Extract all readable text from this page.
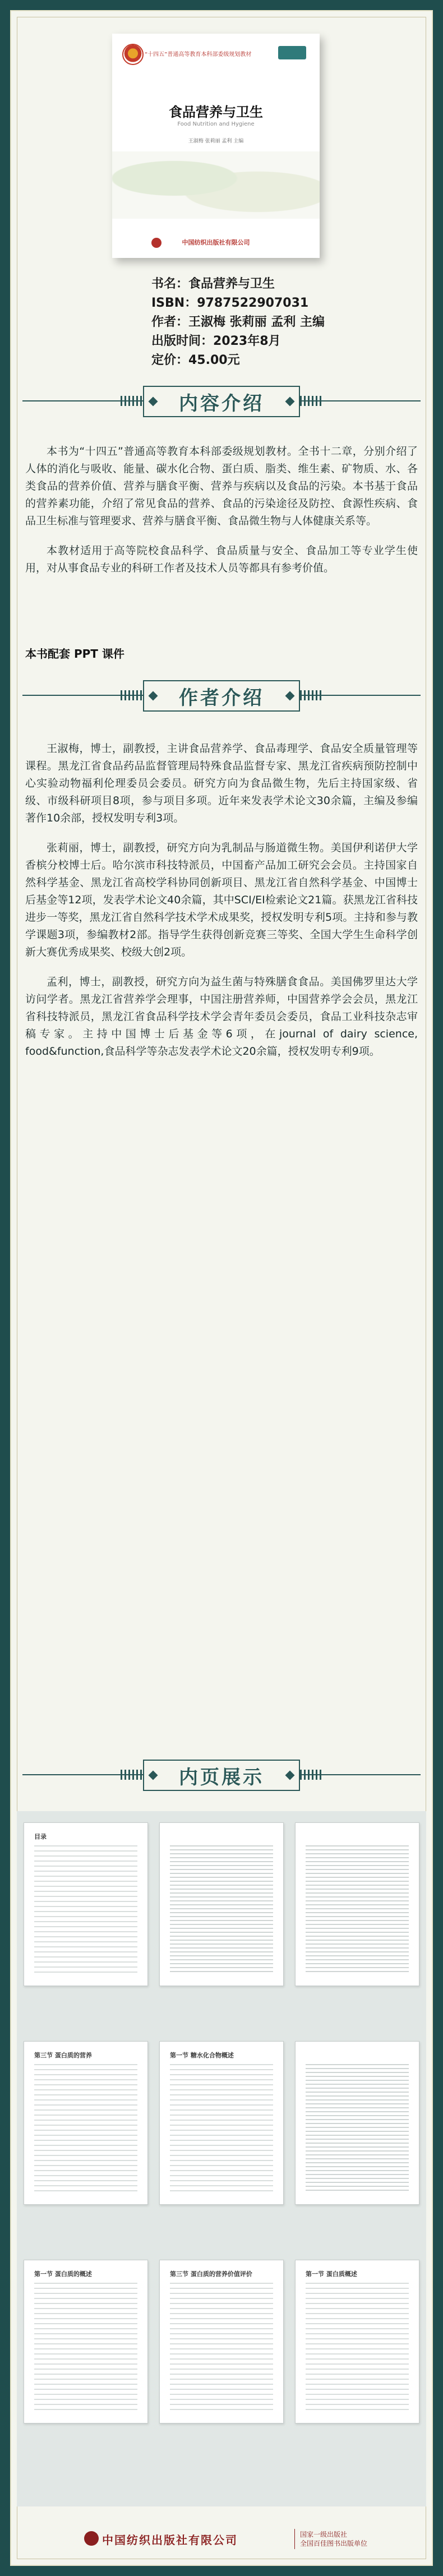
“十四五”普通高等教育本科部委级规划教材
食品营养与卫生
Food Nutrition and Hygiene
王淑梅 张莉丽 孟利 主编
中国纺织出版社有限公司
书名：食品营养与卫生
ISBN：9787522907031
作者：王淑梅 张莉丽 孟利 主编
出版时间：2023年8月
定价：45.00元
内容介绍

本书为“十四五”普通高等教育本科部委级规划教材。全书十二章，分别介绍了人体的消化与吸收、能量、碳水化合物、蛋白质、脂类、维生素、矿物质、水、各类食品的营养价值、营养与膳食平衡、营养与疾病以及食品的污染。本书基于食品的营养素功能，介绍了常见食品的营养、食品的污染途径及防控、食源性疾病、食品卫生标准与管理要求、营养与膳食平衡、食品微生物与人体健康关系等。

本教材适用于高等院校食品科学、食品质量与安全、食品加工等专业学生使用，对从事食品专业的科研工作者及技术人员等都具有参考价值。

本书配套 PPT 课件
作者介绍

王淑梅，博士，副教授，主讲食品营养学、食品毒理学、食品安全质量管理等课程。黑龙江省食品药品监督管理局特殊食品监督专家、黑龙江省疾病预防控制中心实验动物福利伦理委员会委员。研究方向为食品微生物，先后主持国家级、省级、市级科研项目8项，参与项目多项。近年来发表学术论文30余篇，主编及参编著作10余部，授权发明专利3项。

张莉丽，博士，副教授，研究方向为乳制品与肠道微生物。美国伊利诺伊大学香槟分校博士后。哈尔滨市科技特派员，中国畜产品加工研究会会员。主持国家自然科学基金、黑龙江省高校学科协同创新项目、黑龙江省自然科学基金、中国博士后基金等12项，发表学术论文40余篇，其中SCI/EI检索论文21篇。获黑龙江省科技进步一等奖，黑龙江省自然科学技术学术成果奖，授权发明专利5项。主持和参与教学课题3项，参编教材2部。指导学生获得创新竞赛三等奖、全国大学生生命科学创新大赛优秀成果奖、校级大创2项。

孟利，博士，副教授，研究方向为益生菌与特殊膳食食品。美国佛罗里达大学访问学者。黑龙江省营养学会理事，中国注册营养师，中国营养学会会员，黑龙江省科技特派员，黑龙江省食品科学技术学会青年委员会委员，食品工业科技杂志审稿专家。主持中国博士后基金等6项，在journal of dairy science, food&function,食品科学等杂志发表学术论文20余篇，授权发明专利9项。

内页展示
目录
第三节 蛋白质的营养	第一节 糖水化合物概述
第一节 蛋白质的概述	第三节 蛋白质的营养价值评价	第一节 蛋白质概述
中国纺织出版社有限公司	国家一级出版社
全国百佳图书出版单位
